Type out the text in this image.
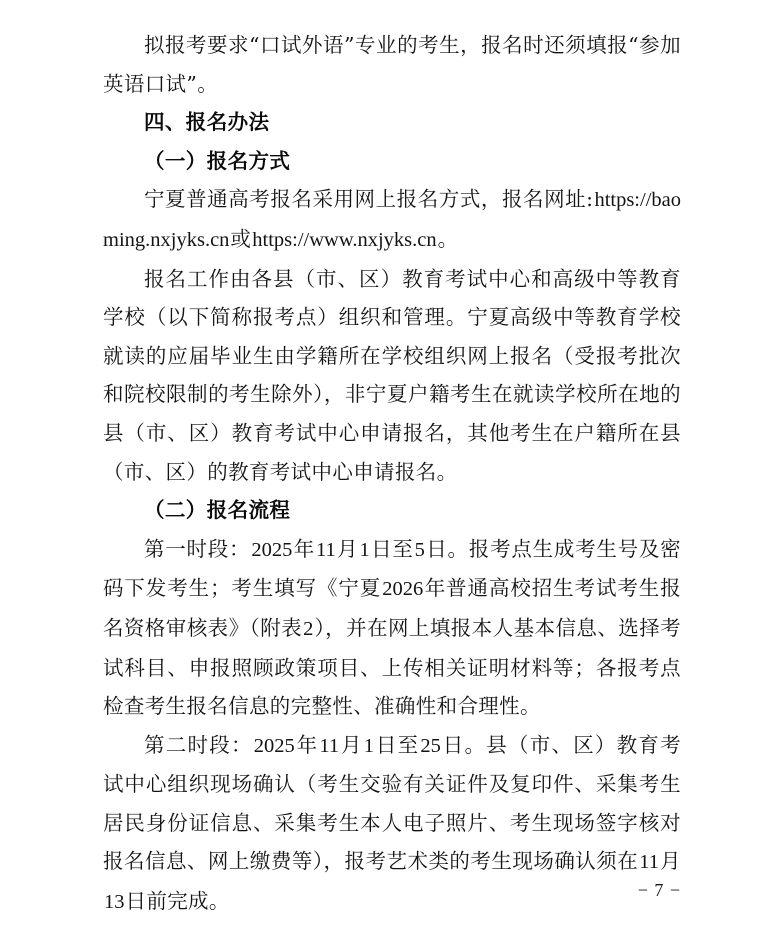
拟报考要求“口试外语”专业的考生，报名时还须填报“参加英语口试”。

四、报名办法

（一）报名方式

宁夏普通高考报名采用网上报名方式，报名网址:https://baoming.nxjyks.cn或https://www.nxjyks.cn。

报名工作由各县（市、区）教育考试中心和高级中等教育学校（以下简称报考点）组织和管理。宁夏高级中等教育学校就读的应届毕业生由学籍所在学校组织网上报名（受报考批次和院校限制的考生除外），非宁夏户籍考生在就读学校所在地的县（市、区）教育考试中心申请报名，其他考生在户籍所在县（市、区）的教育考试中心申请报名。

（二）报名流程

第一时段：2025年11月1日至5日。报考点生成考生号及密码下发考生；考生填写《宁夏2026年普通高校招生考试考生报名资格审核表》（附表2），并在网上填报本人基本信息、选择考试科目、申报照顾政策项目、上传相关证明材料等；各报考点检查考生报名信息的完整性、准确性和合理性。

第二时段：2025年11月1日至25日。县（市、区）教育考试中心组织现场确认（考生交验有关证件及复印件、采集考生居民身份证信息、采集考生本人电子照片、考生现场签字核对报名信息、网上缴费等），报考艺术类的考生现场确认须在11月13日前完成。	− 7 −
